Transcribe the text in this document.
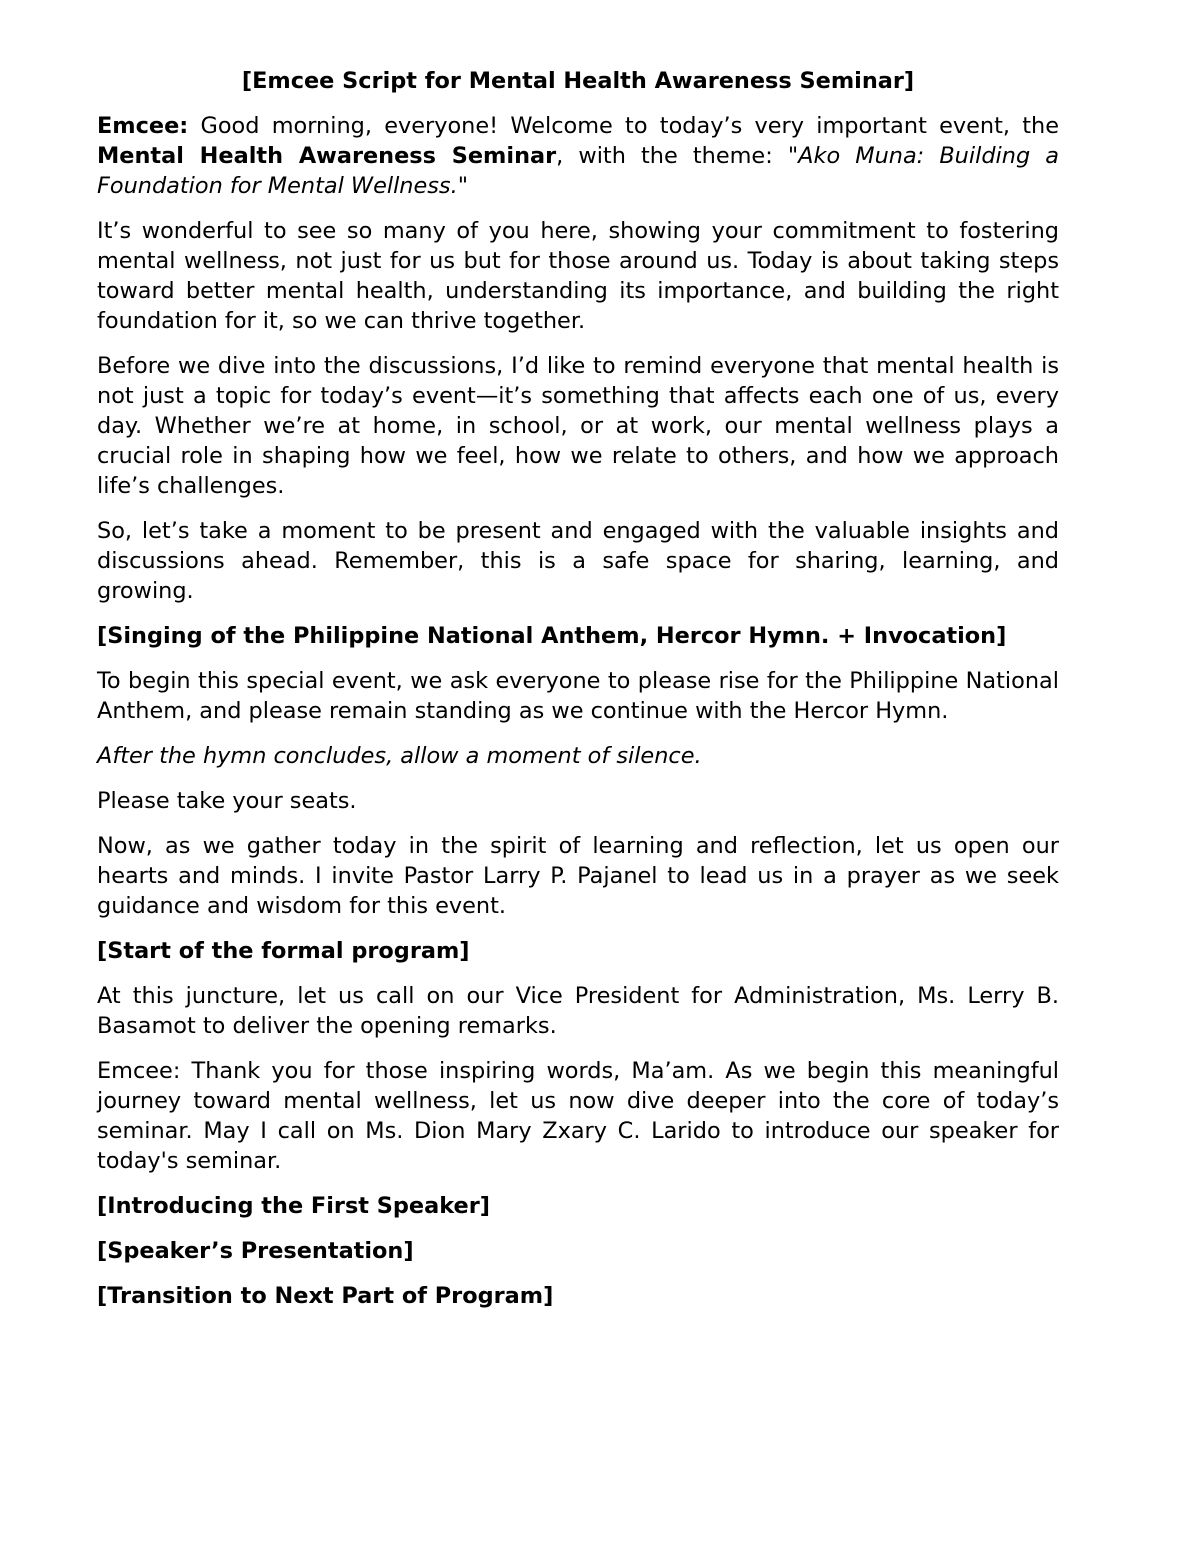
[Emcee Script for Mental Health Awareness Seminar]

Emcee: Good morning, everyone! Welcome to today’s very important event, the Mental Health Awareness Seminar, with the theme: "Ako Muna: Building a Foundation for Mental Wellness."

It’s wonderful to see so many of you here, showing your commitment to fostering mental wellness, not just for us but for those around us. Today is about taking steps toward better mental health, understanding its importance, and building the right foundation for it, so we can thrive together.

Before we dive into the discussions, I’d like to remind everyone that mental health is not just a topic for today’s event—it’s something that affects each one of us, every day. Whether we’re at home, in school, or at work, our mental wellness plays a crucial role in shaping how we feel, how we relate to others, and how we approach life’s challenges.

So, let’s take a moment to be present and engaged with the valuable insights and discussions ahead. Remember, this is a safe space for sharing, learning, and growing.

[Singing of the Philippine National Anthem, Hercor Hymn. + Invocation]

To begin this special event, we ask everyone to please rise for the Philippine National Anthem, and please remain standing as we continue with the Hercor Hymn.

After the hymn concludes, allow a moment of silence.

Please take your seats.

Now, as we gather today in the spirit of learning and reflection, let us open our hearts and minds. I invite Pastor Larry P. Pajanel to lead us in a prayer as we seek guidance and wisdom for this event.

[Start of the formal program]

At this juncture, let us call on our Vice President for Administration, Ms. Lerry B. Basamot to deliver the opening remarks.

Emcee: Thank you for those inspiring words, Ma’am. As we begin this meaningful journey toward mental wellness, let us now dive deeper into the core of today’s seminar. May I call on Ms. Dion Mary Zxary C. Larido to introduce our speaker for today's seminar.

[Introducing the First Speaker]

[Speaker’s Presentation]

[Transition to Next Part of Program]
